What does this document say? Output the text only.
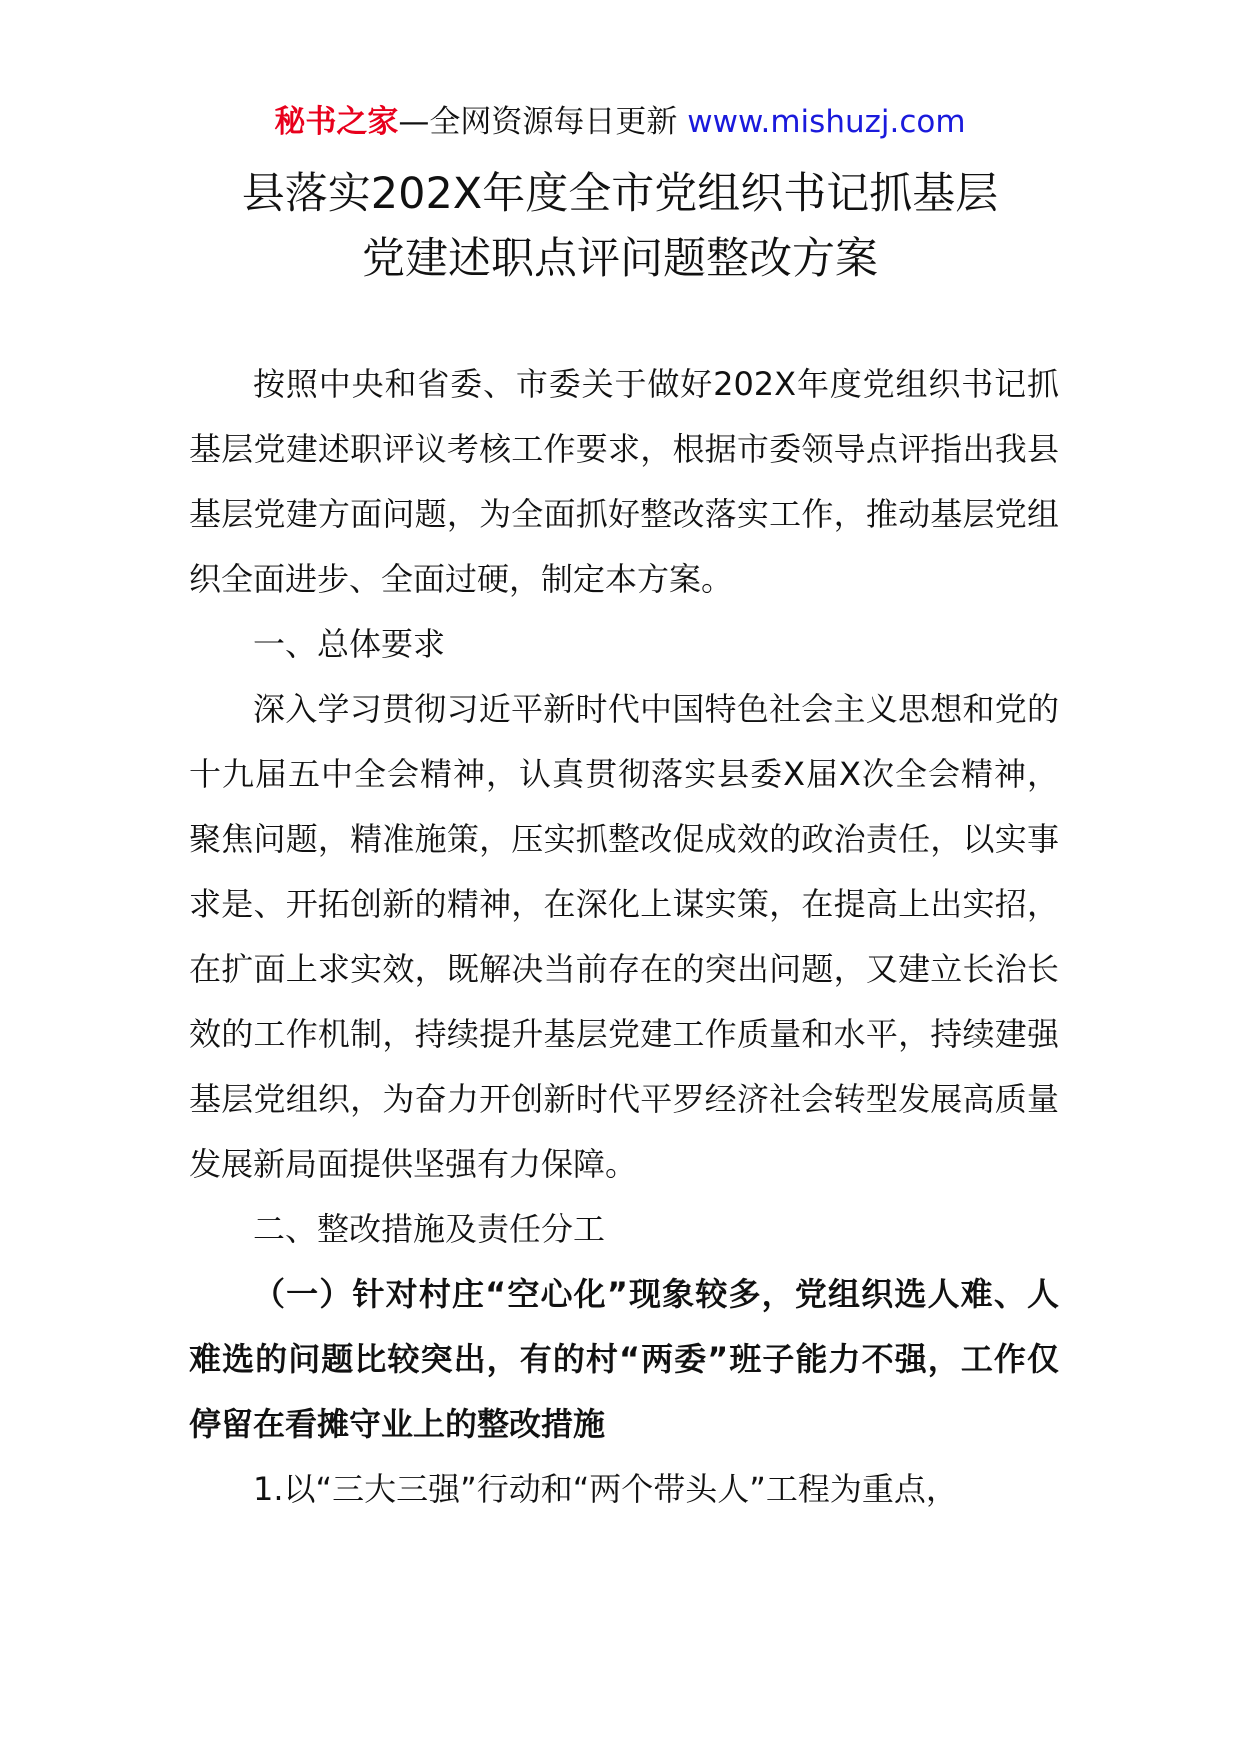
秘书之家—全网资源每日更新 www.mishuzj.com
县落实202X年度全市党组织书记抓基层
党建述职点评问题整改方案

按照中央和省委、市委关于做好202X年度党组织书记抓基层党建述职评议考核工作要求，根据市委领导点评指出我县基层党建方面问题，为全面抓好整改落实工作，推动基层党组织全面进步、全面过硬，制定本方案。

一、总体要求

深入学习贯彻习近平新时代中国特色社会主义思想和党的十九届五中全会精神，认真贯彻落实县委X届X次全会精神，聚焦问题，精准施策，压实抓整改促成效的政治责任，以实事求是、开拓创新的精神，在深化上谋实策，在提高上出实招，在扩面上求实效，既解决当前存在的突出问题，又建立长治长效的工作机制，持续提升基层党建工作质量和水平，持续建强基层党组织，为奋力开创新时代平罗经济社会转型发展高质量发展新局面提供坚强有力保障。

二、整改措施及责任分工

（一）针对村庄“空心化”现象较多，党组织选人难、人难选的问题比较突出，有的村“两委”班子能力不强，工作仅停留在看摊守业上的整改措施

1.以“三大三强”行动和“两个带头人”工程为重点，
